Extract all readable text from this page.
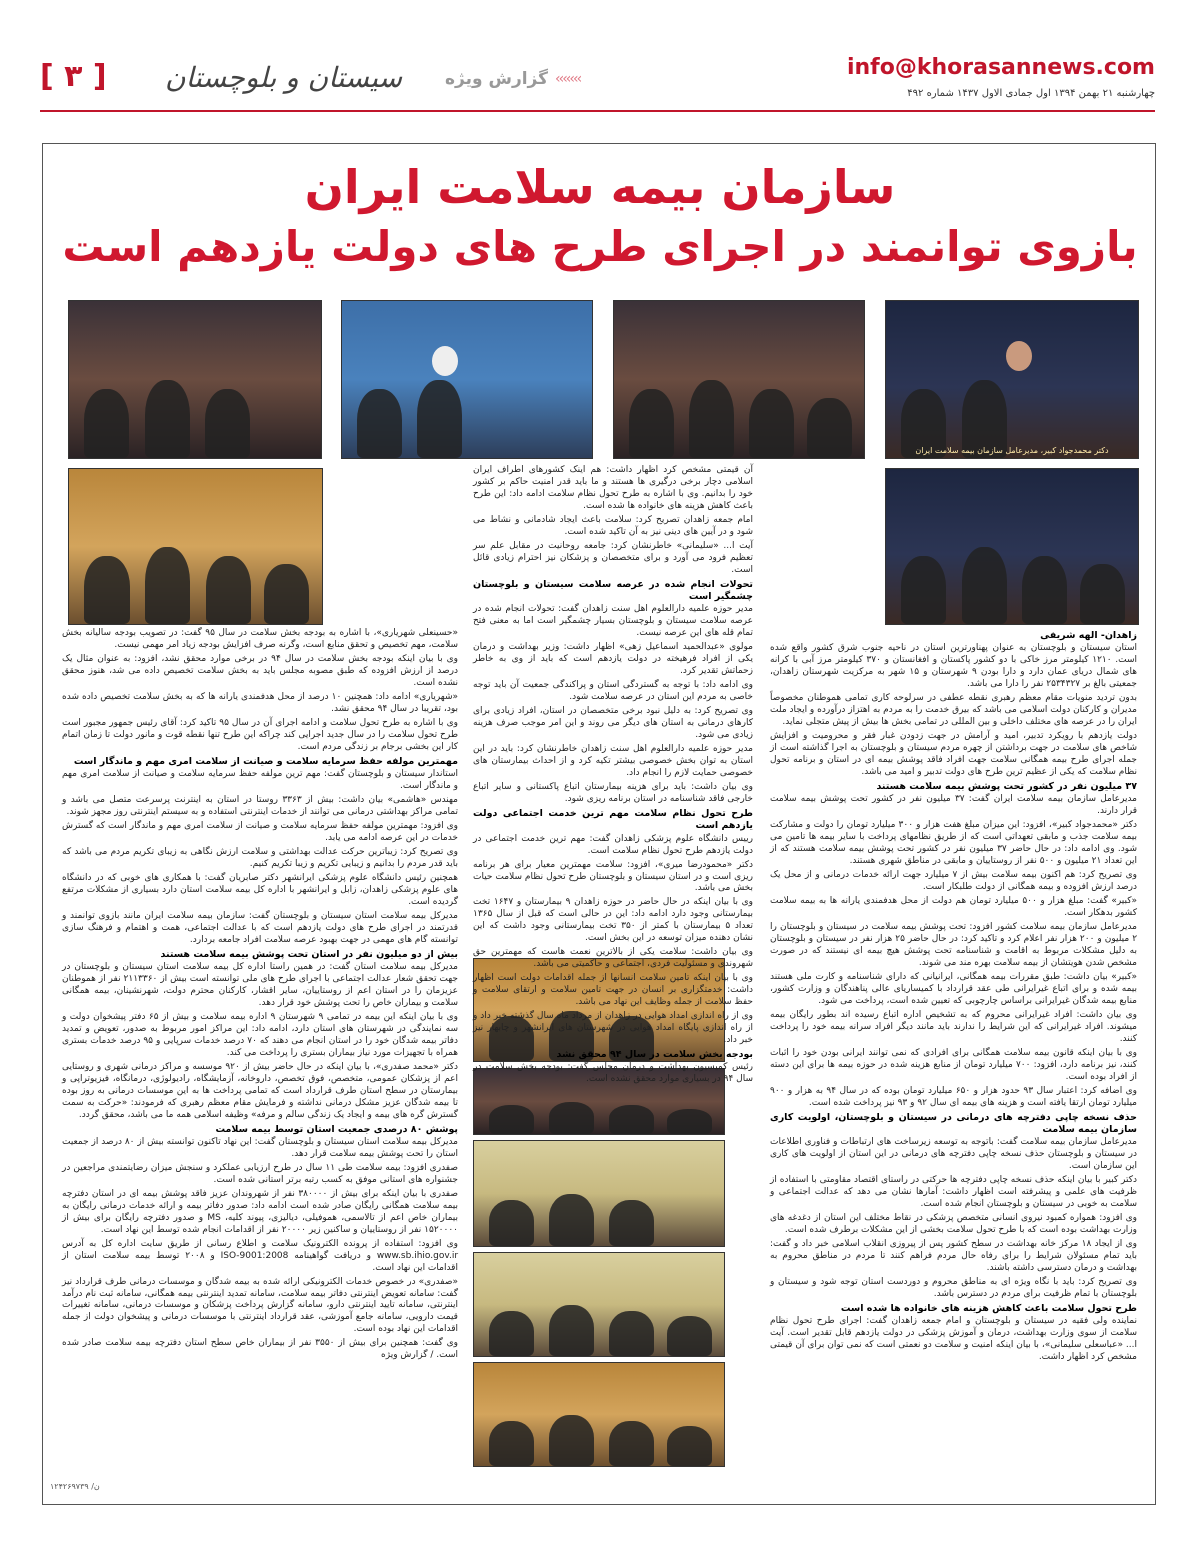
[ ۳ ] سیستان و بلوچستان	گزارش ویژه ‹‹‹‹‹‹‹	info@khorasannews.com
چهارشنبه ۲۱ بهمن ۱۳۹۴ اول جمادی الاول ۱۴۳۷ شماره ۴۹۲
سازمان بیمه سلامت ایران
بازوی توانمند در اجرای طرح های دولت یازدهم است
دکتر محمدجواد کبیر، مدیرعامل سازمان بیمه سلامت ایران
زاهدان- الهه شریفی

استان سیستان و بلوچستان به عنوان پهناورترین استان در ناحیه جنوب شرق کشور واقع شده است. ۱۲۱۰ کیلومتر مرز خاکی با دو کشور پاکستان و افغانستان و ۳۷۰ کیلومتر مرز آبی با کرانه های شمال دریای عمان دارد و دارا بودن ۹ شهرستان و ۱۵ شهر به مرکزیت شهرستان زاهدان، جمعیتی بالغ بر ۲۵۳۴۳۲۷ نفر را دارا می باشد.

بدون تردید منویات مقام معظم رهبری نقطه عطفی در سرلوحه کاری تمامی هموطنان مخصوصاً مدیران و کارکنان دولت اسلامی می باشد که بیرق خدمت را به مردم به اهتزاز درآورده و ایجاد ملت ایران را در عرصه های مختلف داخلی و بین المللی در تمامی بخش ها بیش از پیش متجلی نماید.

دولت یازدهم با رویکرد تدبیر، امید و آرامش در جهت زدودن غبار فقر و محرومیت و افزایش شاخص های سلامت در جهت برداشتن از چهره مردم سیستان و بلوچستان به اجرا گذاشته است از جمله اجرای طرح بیمه همگانی سلامت جهت افراد فاقد پوشش بیمه ای در استان و برنامه تحول نظام سلامت که یکی از عظیم ترین طرح های دولت تدبیر و امید می باشد.

۳۷ میلیون نفر در کشور تحت پوشش بیمه سلامت هستند

مدیرعامل سازمان بیمه سلامت ایران گفت: ۳۷ میلیون نفر در کشور تحت پوشش بیمه سلامت قرار دارند.

دکتر «محمدجواد کبیر»، افزود: این میزان مبلغ هفت هزار و ۳۰۰ میلیارد تومان را دولت و مشارکت بیمه سلامت جذب و مابقی تعهداتی است که از طریق نظامهای پرداخت با سایر بیمه ها تامین می شود. وی ادامه داد: در حال حاضر ۳۷ میلیون نفر در کشور تحت پوشش بیمه سلامت هستند که از این تعداد ۲۱ میلیون و ۵۰۰ نفر از روستاییان و مابقی در مناطق شهری هستند.

وی تصریح کرد: هم اکنون بیمه سلامت بیش از ۷ میلیارد جهت ارائه خدمات درمانی و از محل یک درصد ارزش افزوده و بیمه همگانی از دولت طلبکار است.

«کبیر» گفت: مبلغ هزار و ۵۰۰ میلیارد تومان هم دولت از محل هدفمندی یارانه ها به بیمه سلامت کشور بدهکار است.

مدیرعامل سازمان بیمه سلامت کشور افزود: تحت پوشش بیمه سلامت در سیستان و بلوچستان را ۲ میلیون و ۲۰۰ هزار نفر اعلام کرد و تاکید کرد: در حال حاضر ۲۵ هزار نفر در سیستان و بلوچستان به دلیل مشکلات مربوط به اقامت و شناسنامه تحت پوشش هیچ بیمه ای نیستند که در صورت مشخص شدن هویتشان از بیمه سلامت بهره مند می شوند.

«کبیر» بیان داشت: طبق مقررات بیمه همگانی، ایرانیانی که دارای شناسنامه و کارت ملی هستند بیمه شده و برای اتباع غیرایرانی طی عقد قرارداد با کمیساریای عالی پناهندگان و وزارت کشور، منابع بیمه شدگان غیرایرانی براساس چارچوبی که تعیین شده است، پرداخت می شود.

وی بیان داشت: افراد غیرایرانی محروم که به تشخیص اداره اتباع رسیده اند بطور رایگان بیمه میشوند. افراد غیرایرانی که این شرایط را ندارند باید مانند دیگر افراد سرانه بیمه خود را پرداخت کنند.

وی با بیان اینکه قانون بیمه سلامت همگانی برای افرادی که نمی توانند ایرانی بودن خود را اثبات کنند، نیز برنامه دارد، افزود: ۷۰۰ میلیارد تومان از منابع هزینه شده در حوزه بیمه ها برای این دسته از افراد بوده است.

وی اضافه کرد: اعتبار سال ۹۳ حدود هزار و ۶۵۰ میلیارد تومان بوده که در سال ۹۴ به هزار و ۹۰۰ میلیارد تومان ارتقا یافته است و هزینه های بیمه ای سال ۹۲ و ۹۳ نیز پرداخت شده است.

حذف نسخه چاپی دفترچه های درمانی در سیستان و بلوچستان، اولویت کاری سازمان بیمه سلامت

مدیرعامل سازمان بیمه سلامت گفت: باتوجه به توسعه زیرساخت های ارتباطات و فناوری اطلاعات در سیستان و بلوچستان حذف نسخه چاپی دفترچه های درمانی در این استان از اولویت های کاری این سازمان است.

دکتر کبیر با بیان اینکه حذف نسخه چاپی دفترچه ها حرکتی در راستای اقتصاد مقاومتی با استفاده از ظرفیت های علمی و پیشرفته است اظهار داشت: آمارها نشان می دهد که عدالت اجتماعی و سلامت به خوبی در سیستان و بلوچستان انجام شده است.

وی افزود: همواره کمبود نیروی انسانی متخصص پزشکی در نقاط مختلف این استان از دغدغه های وزارت بهداشت بوده است که با طرح تحول سلامت بخشی از این مشکلات برطرف شده است.

وی از ایجاد ۱۸ مرکز خانه بهداشت در سطح کشور پس از پیروزی انقلاب اسلامی خبر داد و گفت: باید تمام مسئولان شرایط را برای رفاه حال مردم فراهم کنند تا مردم در مناطق محروم به بهداشت و درمان دسترسی داشته باشند.

وی تصریح کرد: باید با نگاه ویژه ای به مناطق محروم و دوردست استان توجه شود و سیستان و بلوچستان با تمام ظرفیت برای مردم در دسترس باشد.

طرح تحول سلامت باعث کاهش هزینه های خانواده ها شده است

نماینده ولی فقیه در سیستان و بلوچستان و امام جمعه زاهدان گفت: اجرای طرح تحول نظام سلامت از سوی وزارت بهداشت، درمان و آموزش پزشکی در دولت یازدهم قابل تقدیر است. آیت ا... «عباسعلی سلیمانی»، با بیان اینکه امنیت و سلامت دو نعمتی است که نمی توان برای آن قیمتی مشخص کرد اظهار داشت.

آن قیمتی مشخص کرد اظهار داشت: هم اینک کشورهای اطراف ایران اسلامی دچار برخی درگیری ها هستند و ما باید قدر امنیت حاکم بر کشور خود را بدانیم. وی با اشاره به طرح تحول نظام سلامت ادامه داد: این طرح باعث کاهش هزینه های خانواده ها شده است.

امام جمعه زاهدان تصریح کرد: سلامت باعث ایجاد شادمانی و نشاط می شود و در آیین های دینی نیز به آن تاکید شده است.

آیت ا... «سلیمانی» خاطرنشان کرد: جامعه روحانیت در مقابل علم سر تعظیم فرود می آورد و برای متخصصان و پزشکان نیز احترام زیادی قائل است.

تحولات انجام شده در عرصه سلامت سیستان و بلوچستان چشمگیر است

مدیر حوزه علمیه دارالعلوم اهل سنت زاهدان گفت: تحولات انجام شده در عرصه سلامت سیستان و بلوچستان بسیار چشمگیر است اما به معنی فتح تمام قله های این عرصه نیست.

مولوی «عبدالحمید اسماعیل زهی» اظهار داشت: وزیر بهداشت و درمان یکی از افراد فرهیخته در دولت یازدهم است که باید از وی به خاطر زحماتش تقدیر کرد.

وی ادامه داد: با توجه به گستردگی استان و پراکندگی جمعیت آن باید توجه خاصی به مردم این استان در عرصه سلامت شود.

وی تصریح کرد: به دلیل نبود برخی متخصصان در استان، افراد زیادی برای کارهای درمانی به استان های دیگر می روند و این امر موجب صرف هزینه زیادی می شود.

مدیر حوزه علمیه دارالعلوم اهل سنت زاهدان خاطرنشان کرد: باید در این استان به توان بخش خصوصی بیشتر تکیه کرد و از احداث بیمارستان های خصوصی حمایت لازم را انجام داد.

وی بیان داشت: باید برای هزینه بیمارستان اتباع پاکستانی و سایر اتباع خارجی فاقد شناسنامه در استان برنامه ریزی شود.

طرح تحول نظام سلامت مهم ترین خدمت اجتماعی دولت یازدهم است

رییس دانشگاه علوم پزشکی زاهدان گفت: مهم ترین خدمت اجتماعی در دولت یازدهم طرح تحول نظام سلامت است.

دکتر «محمودرضا میری»، افزود: سلامت مهمترین معیار برای هر برنامه ریزی است و در استان سیستان و بلوچستان طرح تحول نظام سلامت حیات بخش می باشد.

وی با بیان اینکه در حال حاضر در حوزه زاهدان ۹ بیمارستان و ۱۶۴۷ تخت بیمارستانی وجود دارد ادامه داد: این در حالی است که قبل از سال ۱۳۶۵ تعداد ۵ بیمارستان با کمتر از ۳۵۰ تخت بیمارستانی وجود داشت که این نشان دهنده میزان توسعه در این بخش است.

وی بیان داشت: سلامت یکی از بالاترین نعمت هاست که مهمترین حق شهروندی و مسئولیت فردی، اجتماعی و حاکمیتی می باشد.

وی با بیان اینکه تامین سلامت انسانها از جمله اقدامات دولت است اظهار داشت: خدمتگزاری بر انسان در جهت تامین سلامت و ارتقای سلامت و حفظ سلامت از جمله وظایف این نهاد می باشد.

وی از راه اندازی امداد هوایی در زاهدان از مرداد ماه سال گذشته خبر داد و از راه اندازی پایگاه امداد هوایی در شهرستان های ایرانشهر و چابهار نیز خبر داد.

بودجه بخش سلامت در سال ۹۴ محقق نشد

رئیس کمیسیون بهداشت و درمان مجلس گفت: بودجه بخش سلامت در سال ۹۴ در بسیاری موارد محقق نشده است.

«حسینعلی شهریاری»، با اشاره به بودجه بخش سلامت در سال ۹۵ گفت: در تصویب بودجه سالیانه بخش سلامت، مهم تخصیص و تحقق منابع است، وگرنه صرف افزایش بودجه زیاد امر مهمی نیست.

وی با بیان اینکه بودجه بخش سلامت در سال ۹۴ در برخی موارد محقق نشد، افزود: به عنوان مثال یک درصد از ارزش افزوده که طبق مصوبه مجلس باید به بخش سلامت تخصیص داده می شد، هنوز محقق نشده است.

«شهریاری» ادامه داد: همچنین ۱۰ درصد از محل هدفمندی یارانه ها که به بخش سلامت تخصیص داده شده بود، تقریبا در سال ۹۴ محقق نشد.

وی با اشاره به طرح تحول سلامت و ادامه اجرای آن در سال ۹۵ تاکید کرد: آقای رئیس جمهور مجبور است طرح تحول سلامت را در سال جدید اجرایی کند چراکه این طرح تنها نقطه قوت و مانور دولت تا زمان اتمام کار این بخشی برجام بر زندگی مردم است.

مهمترین مولفه حفظ سرمایه سلامت و صیانت از سلامت امری مهم و ماندگار است

استاندار سیستان و بلوچستان گفت: مهم ترین مولفه حفظ سرمایه سلامت و صیانت از سلامت امری مهم و ماندگار است.

مهندس «هاشمی» بیان داشت: بیش از ۳۳۶۳ روستا در استان به اینترنت پرسرعت متصل می باشد و تمامی مراکز بهداشتی درمانی می توانند از خدمات اینترنتی استفاده و به سیستم اینترنتی روز مجهز شوند.

وی افزود: مهمترین مولفه حفظ سرمایه سلامت و صیانت از سلامت امری مهم و ماندگار است که گسترش خدمات در این عرصه ادامه می یابد.

وی تصریح کرد: زیباترین حرکت عدالت بهداشتی و سلامت ارزش نگاهی به زیبای تکریم مردم می باشد که باید قدر مردم را بدانیم و زیبایی تکریم و زیبا تکریم کنیم.

همچنین رئیس دانشگاه علوم پزشکی ایرانشهر دکتر صابریان گفت: با همکاری های خوبی که در دانشگاه های علوم پزشکی زاهدان، زابل و ایرانشهر با اداره کل بیمه سلامت استان دارد بسیاری از مشکلات مرتفع گردیده است.

مدیرکل بیمه سلامت استان سیستان و بلوچستان گفت: سازمان بیمه سلامت ایران مانند بازوی توانمند و قدرتمند در اجرای طرح های دولت یازدهم است که با عدالت اجتماعی، همت و اهتمام و فرهنگ سازی توانسته گام های مهمی در جهت بهبود عرصه سلامت افراد جامعه بردارد.

بیش از دو میلیون نفر در استان تحت پوشش بیمه سلامت هستند

مدیرکل بیمه سلامت استان گفت: در همین راستا اداره کل بیمه سلامت استان سیستان و بلوچستان در جهت تحقق شعار عدالت اجتماعی با اجرای طرح های ملی توانسته است بیش از ۲۱۱۳۳۶۰ نفر از هموطنان عزیزمان را در استان اعم از روستاییان، سایر اقشار، کارکنان محترم دولت، شهرنشینان، بیمه همگانی سلامت و بیماران خاص را تحت پوشش خود قرار دهد.

وی با بیان اینکه این بیمه در تمامی ۹ شهرستان ۹ اداره بیمه سلامت و بیش از ۶۵ دفتر پیشخوان دولت و سه نمایندگی در شهرستان های استان دارد، ادامه داد: این مراکز امور مربوط به صدور، تعویض و تمدید دفاتر بیمه شدگان خود را در استان انجام می دهند که ۷۰ درصد خدمات سرپایی و ۹۵ درصد خدمات بستری همراه با تجهیزات مورد نیاز بیماران بستری را پرداخت می کند.

دکتر «محمد صفدری»، با بیان اینکه در حال حاضر بیش از ۹۲۰ موسسه و مراکز درمانی شهری و روستایی اعم از پزشکان عمومی، متخصص، فوق تخصص، داروخانه، آزمایشگاه، رادیولوژی، درمانگاه، فیزیوتراپی و بیمارستان در سطح استان طرف قرارداد است که تمامی پرداخت ها به این موسسات درمانی به روز بوده تا بیمه شدگان عزیز مشکل درمانی نداشته و فرمایش مقام معظم رهبری که فرمودند: «حرکت به سمت گسترش گره های بیمه و ایجاد یک زندگی سالم و مرفه» وظیفه اسلامی همه ما می باشد، محقق گردد.

پوشش ۸۰ درصدی جمعیت استان توسط بیمه سلامت

مدیرکل بیمه سلامت استان سیستان و بلوچستان گفت: این نهاد تاکنون توانسته بیش از ۸۰ درصد از جمعیت استان را تحت پوشش بیمه سلامت قرار دهد.

صفدری افزود: بیمه سلامت طی ۱۱ سال در طرح ارزیابی عملکرد و سنجش میزان رضایتمندی مراجعین در جشنواره های استانی موفق به کسب رتبه برتر استانی شده است.

صفدری با بیان اینکه برای بیش از ۳۸۰۰۰۰ نفر از شهروندان عزیز فاقد پوشش بیمه ای در استان دفترچه بیمه سلامت همگانی رایگان صادر شده است ادامه داد: صدور دفاتر بیمه و ارائه خدمات درمانی رایگان به بیماران خاص اعم از تالاسمی، هموفیلی، دیالیزی، پیوند کلیه، MS و صدور دفترچه رایگان برای بیش از ۱۵۲۰۰۰۰ نفر از روستاییان و ساکنین زیر ۲۰۰۰۰ نفر از اقدامات انجام شده توسط این نهاد است.

وی افزود: استفاده از پرونده الکترونیک سلامت و اطلاع رسانی از طریق سایت اداره کل به آدرس www.sb.ihio.gov.ir و دریافت گواهینامه ISO-9001:2008 و ۲۰۰۸ توسط بیمه سلامت استان از اقدامات این نهاد است.

«صفدری» در خصوص خدمات الکترونیکی ارائه شده به بیمه شدگان و موسسات درمانی طرف قرارداد نیز گفت: سامانه تعویض اینترنتی دفاتر بیمه سلامت، سامانه تمدید اینترنتی بیمه همگانی، سامانه ثبت نام درآمد اینترنتی، سامانه تایید اینترنتی دارو، سامانه گزارش پرداخت پزشکان و موسسات درمانی، سامانه تغییرات قیمت دارویی، سامانه جامع آموزشی، عقد قرارداد اینترنتی با موسسات درمانی و پیشخوان دولت از جمله اقدامات این نهاد بوده است.

وی گفت: همچنین برای بیش از ۳۵۵۰ نفر از بیماران خاص سطح استان دفترچه بیمه سلامت صادر شده است. / گزارش ویژه

۱۲۴۲۶۹۷۳۹ /ن
